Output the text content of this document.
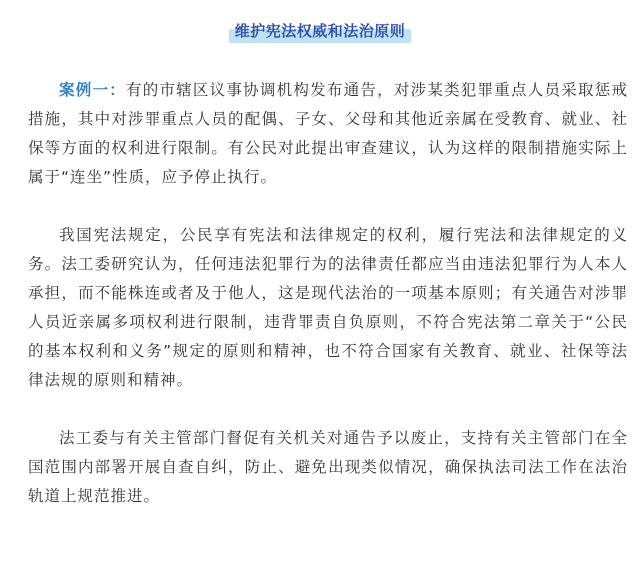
维护宪法权威和法治原则

案例一：有的市辖区议事协调机构发布通告，对涉某类犯罪重点人员采取惩戒措施，其中对涉罪重点人员的配偶、子女、父母和其他近亲属在受教育、就业、社保等方面的权利进行限制。有公民对此提出审查建议，认为这样的限制措施实际上属于“连坐”性质，应予停止执行。

我国宪法规定，公民享有宪法和法律规定的权利，履行宪法和法律规定的义务。法工委研究认为，任何违法犯罪行为的法律责任都应当由违法犯罪行为人本人承担，而不能株连或者及于他人，这是现代法治的一项基本原则；有关通告对涉罪人员近亲属多项权利进行限制，违背罪责自负原则，不符合宪法第二章关于“公民的基本权利和义务”规定的原则和精神，也不符合国家有关教育、就业、社保等法律法规的原则和精神。

法工委与有关主管部门督促有关机关对通告予以废止，支持有关主管部门在全国范围内部署开展自查自纠，防止、避免出现类似情况，确保执法司法工作在法治轨道上规范推进。
